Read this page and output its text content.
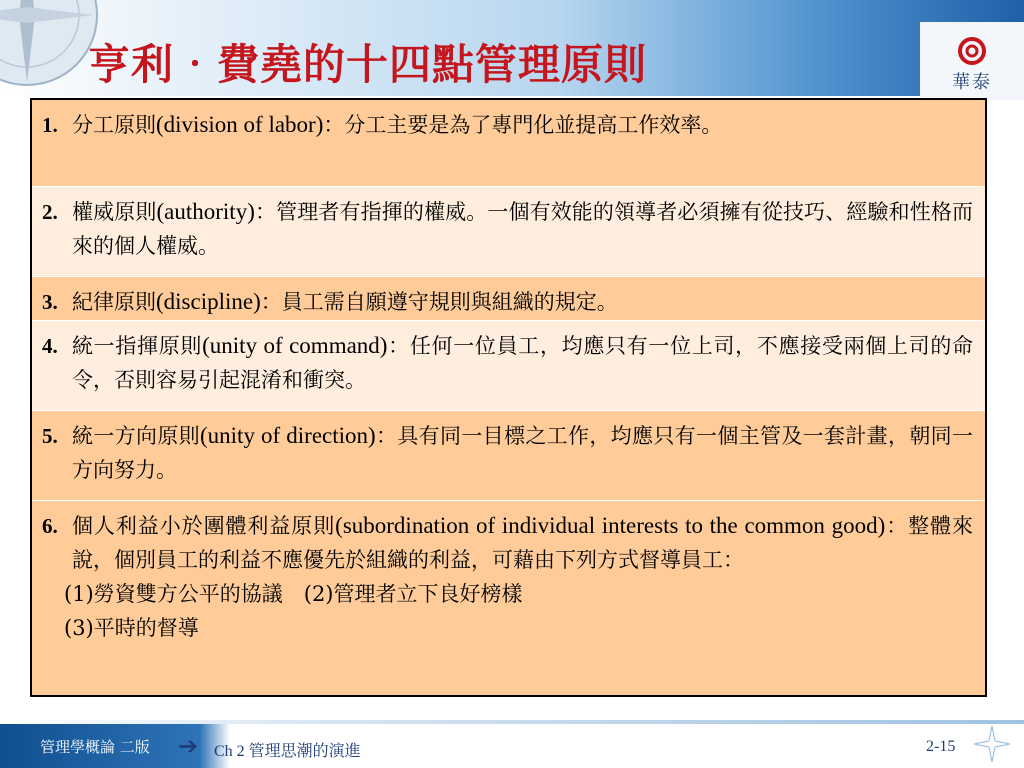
亨利‧費堯的十四點管理原則	華泰
1. 分工原則(division of labor)：分工主要是為了專門化並提高工作效率。
2. 權威原則(authority)：管理者有指揮的權威。一個有效能的領導者必須擁有從技巧、經驗和性格而來的個人權威。
3. 紀律原則(discipline)：員工需自願遵守規則與組織的規定。
4. 統一指揮原則(unity of command)：任何一位員工，均應只有一位上司，不應接受兩個上司的命令，否則容易引起混淆和衝突。
5. 統一方向原則(unity of direction)：具有同一目標之工作，均應只有一個主管及一套計畫，朝同一方向努力。
6. 個人利益小於團體利益原則(subordination of individual interests to the common good)：整體來說，個別員工的利益不應優先於組織的利益，可藉由下列方式督導員工：
(1)勞資雙方公平的協議　(2)管理者立下良好榜樣
(3)平時的督導
管理學概論 二版 ➔ Ch 2 管理思潮的演進	2-15
